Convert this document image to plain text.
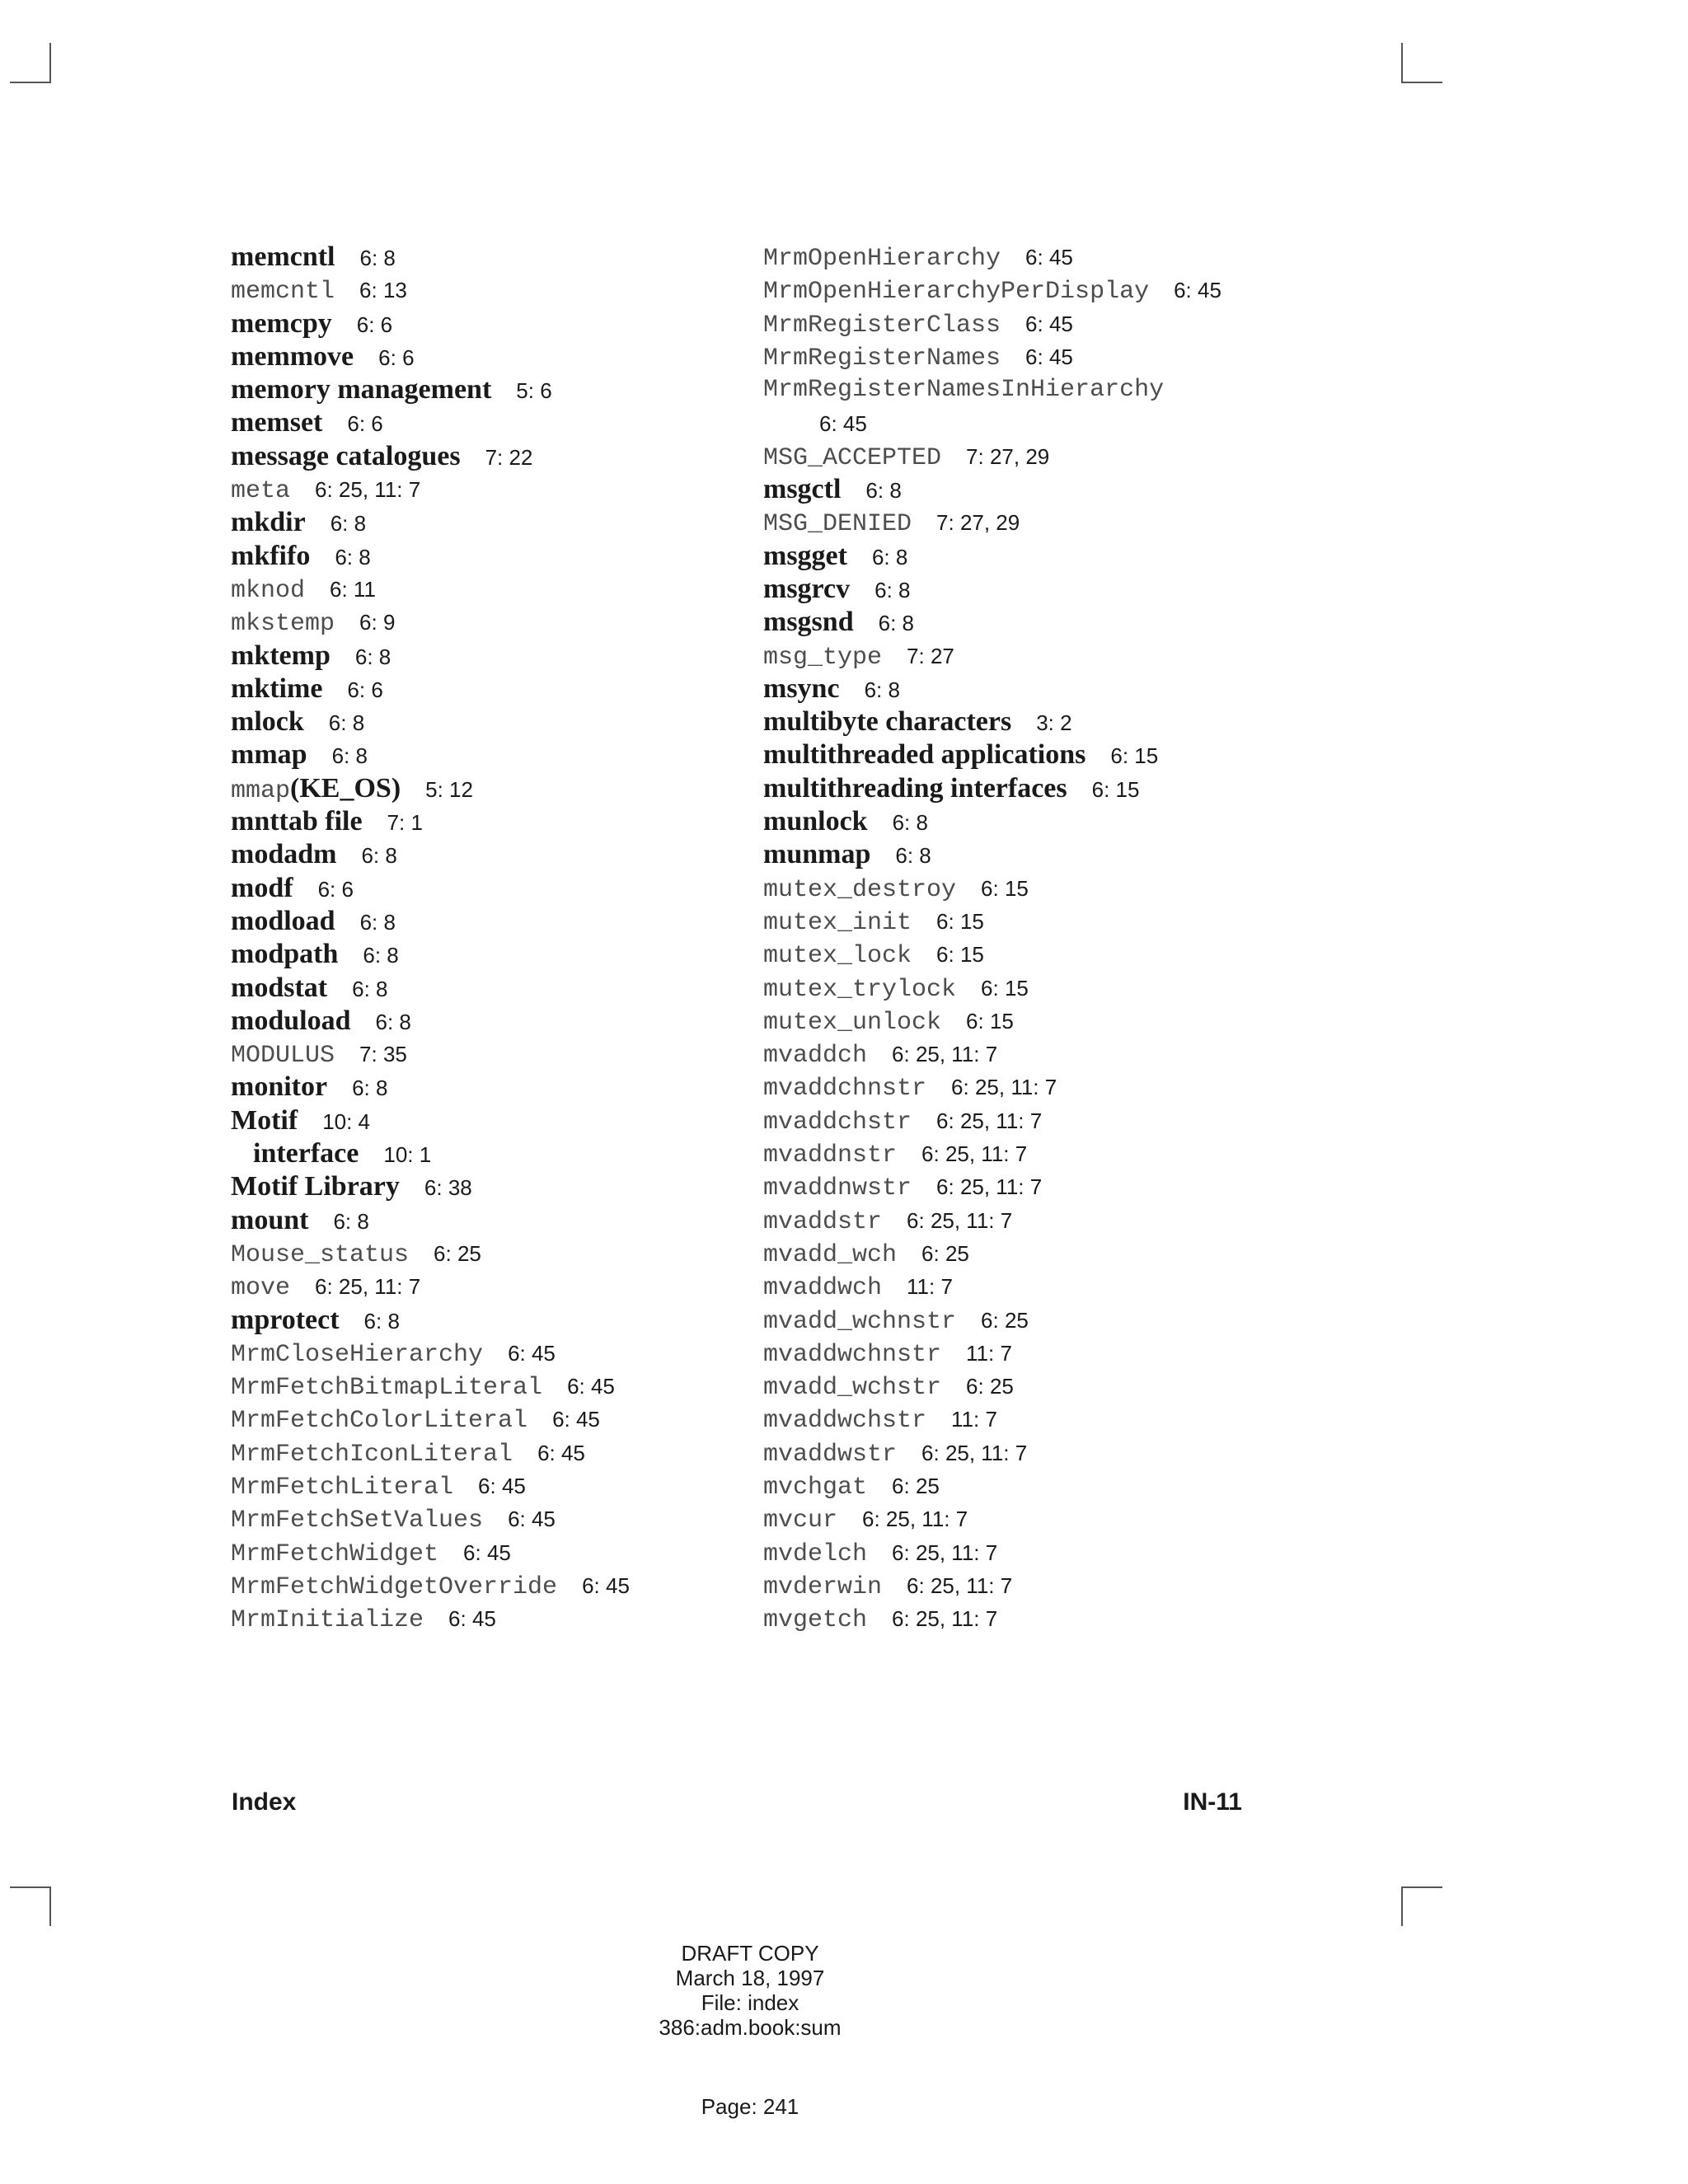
memcntl 6: 8
memcntl 6: 13
memcpy 6: 6
memmove 6: 6
memory management 5: 6
memset 6: 6
message catalogues 7: 22
meta 6: 25, 11: 7
mkdir 6: 8
mkfifo 6: 8
mknod 6: 11
mkstemp 6: 9
mktemp 6: 8
mktime 6: 6
mlock 6: 8
mmap 6: 8
mmap(KE_OS) 5: 12
mnttab file 7: 1
modadm 6: 8
modf 6: 6
modload 6: 8
modpath 6: 8
modstat 6: 8
moduload 6: 8
MODULUS 7: 35
monitor 6: 8
Motif 10: 4
interface 10: 1
Motif Library 6: 38
mount 6: 8
Mouse_status 6: 25
move 6: 25, 11: 7
mprotect 6: 8
MrmCloseHierarchy 6: 45
MrmFetchBitmapLiteral 6: 45
MrmFetchColorLiteral 6: 45
MrmFetchIconLiteral 6: 45
MrmFetchLiteral 6: 45
MrmFetchSetValues 6: 45
MrmFetchWidget 6: 45
MrmFetchWidgetOverride 6: 45
MrmInitialize 6: 45
MrmOpenHierarchy 6: 45
MrmOpenHierarchyPerDisplay 6: 45
MrmRegisterClass 6: 45
MrmRegisterNames 6: 45
MrmRegisterNamesInHierarchy
6: 45
MSG_ACCEPTED 7: 27, 29
msgctl 6: 8
MSG_DENIED 7: 27, 29
msgget 6: 8
msgrcv 6: 8
msgsnd 6: 8
msg_type 7: 27
msync 6: 8
multibyte characters 3: 2
multithreaded applications 6: 15
multithreading interfaces 6: 15
munlock 6: 8
munmap 6: 8
mutex_destroy 6: 15
mutex_init 6: 15
mutex_lock 6: 15
mutex_trylock 6: 15
mutex_unlock 6: 15
mvaddch 6: 25, 11: 7
mvaddchnstr 6: 25, 11: 7
mvaddchstr 6: 25, 11: 7
mvaddnstr 6: 25, 11: 7
mvaddnwstr 6: 25, 11: 7
mvaddstr 6: 25, 11: 7
mvadd_wch 6: 25
mvaddwch 11: 7
mvadd_wchnstr 6: 25
mvaddwchnstr 11: 7
mvadd_wchstr 6: 25
mvaddwchstr 11: 7
mvaddwstr 6: 25, 11: 7
mvchgat 6: 25
mvcur 6: 25, 11: 7
mvdelch 6: 25, 11: 7
mvderwin 6: 25, 11: 7
mvgetch 6: 25, 11: 7
Index	IN-11
DRAFT COPY
March 18, 1997
File: index
386:adm.book:sum
Page: 241
